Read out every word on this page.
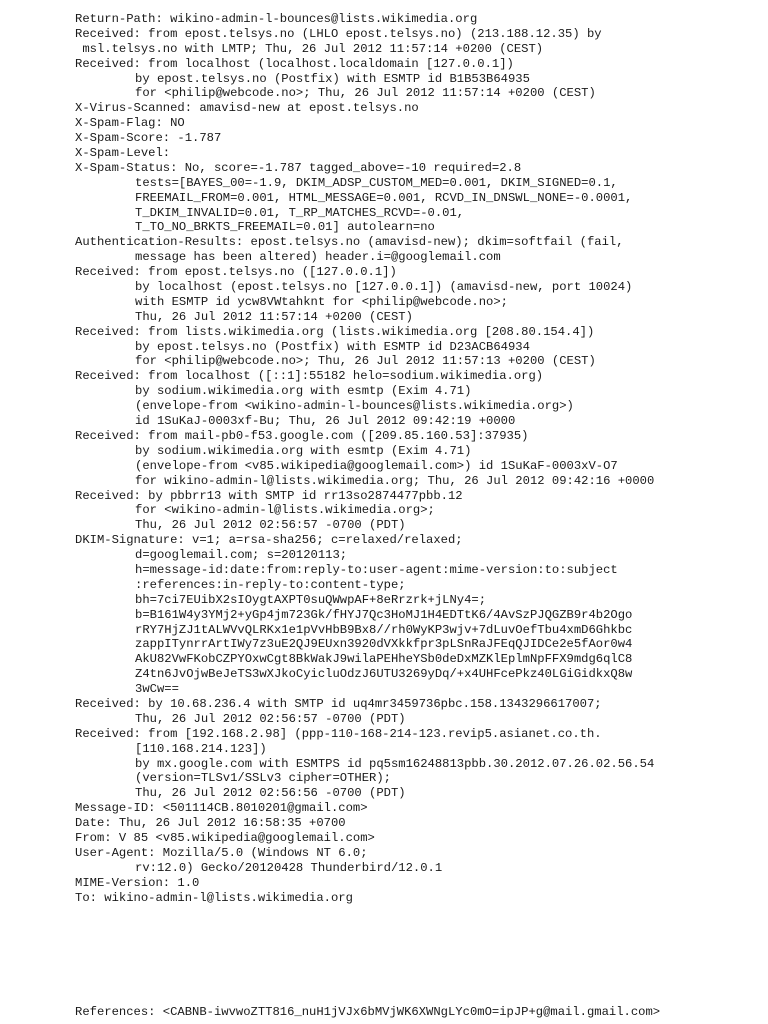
Return-Path: wikino-admin-l-bounces@lists.wikimedia.org
Received: from epost.telsys.no (LHLO epost.telsys.no) (213.188.12.35) by
msl.telsys.no with LMTP; Thu, 26 Jul 2012 11:57:14 +0200 (CEST)
Received: from localhost (localhost.localdomain [127.0.0.1])
by epost.telsys.no (Postfix) with ESMTP id B1B53B64935
for <philip@webcode.no>; Thu, 26 Jul 2012 11:57:14 +0200 (CEST)
X-Virus-Scanned: amavisd-new at epost.telsys.no
X-Spam-Flag: NO
X-Spam-Score: -1.787
X-Spam-Level:
X-Spam-Status: No, score=-1.787 tagged_above=-10 required=2.8
tests=[BAYES_00=-1.9, DKIM_ADSP_CUSTOM_MED=0.001, DKIM_SIGNED=0.1,
FREEMAIL_FROM=0.001, HTML_MESSAGE=0.001, RCVD_IN_DNSWL_NONE=-0.0001,
T_DKIM_INVALID=0.01, T_RP_MATCHES_RCVD=-0.01,
T_TO_NO_BRKTS_FREEMAIL=0.01] autolearn=no
Authentication-Results: epost.telsys.no (amavisd-new); dkim=softfail (fail,
message has been altered) header.i=@googlemail.com
Received: from epost.telsys.no ([127.0.0.1])
by localhost (epost.telsys.no [127.0.0.1]) (amavisd-new, port 10024)
with ESMTP id ycw8VWtahknt for <philip@webcode.no>;
Thu, 26 Jul 2012 11:57:14 +0200 (CEST)
Received: from lists.wikimedia.org (lists.wikimedia.org [208.80.154.4])
by epost.telsys.no (Postfix) with ESMTP id D23ACB64934
for <philip@webcode.no>; Thu, 26 Jul 2012 11:57:13 +0200 (CEST)
Received: from localhost ([::1]:55182 helo=sodium.wikimedia.org)
by sodium.wikimedia.org with esmtp (Exim 4.71)
(envelope-from <wikino-admin-l-bounces@lists.wikimedia.org>)
id 1SuKaJ-0003xf-Bu; Thu, 26 Jul 2012 09:42:19 +0000
Received: from mail-pb0-f53.google.com ([209.85.160.53]:37935)
by sodium.wikimedia.org with esmtp (Exim 4.71)
(envelope-from <v85.wikipedia@googlemail.com>) id 1SuKaF-0003xV-O7
for wikino-admin-l@lists.wikimedia.org; Thu, 26 Jul 2012 09:42:16 +0000
Received: by pbbrr13 with SMTP id rr13so2874477pbb.12
for <wikino-admin-l@lists.wikimedia.org>;
Thu, 26 Jul 2012 02:56:57 -0700 (PDT)
DKIM-Signature: v=1; a=rsa-sha256; c=relaxed/relaxed;
d=googlemail.com; s=20120113;
h=message-id:date:from:reply-to:user-agent:mime-version:to:subject
:references:in-reply-to:content-type;
bh=7ci7EUibX2sIOygtAXPT0suQWwpAF+8eRrzrk+jLNy4=;
b=B161W4y3YMj2+yGp4jm723Gk/fHYJ7Qc3HoMJ1H4EDTtK6/4AvSzPJQGZB9r4b2Ogo
rRY7HjZJ1tALWVvQLRKx1e1pVvHbB9Bx8//rh0WyKP3wjv+7dLuvOefTbu4xmD6Ghkbc
zappITynrrArtIWy7z3uE2QJ9EUxn3920dVXkkfpr3pLSnRaJFEqQJIDCe2e5fAor0w4
AkU82VwFKobCZPYOxwCgt8BkWakJ9wilaPEHheYSb0deDxMZKlEplmNpFFX9mdg6qlC8
Z4tn6JvOjwBeJeTS3wXJkoCyicluOdzJ6UTU3269yDq/+x4UHFcePkz40LGiGidkxQ8w
3wCw==
Received: by 10.68.236.4 with SMTP id uq4mr3459736pbc.158.1343296617007;
Thu, 26 Jul 2012 02:56:57 -0700 (PDT)
Received: from [192.168.2.98] (ppp-110-168-214-123.revip5.asianet.co.th.
[110.168.214.123])
by mx.google.com with ESMTPS id pq5sm16248813pbb.30.2012.07.26.02.56.54
(version=TLSv1/SSLv3 cipher=OTHER);
Thu, 26 Jul 2012 02:56:56 -0700 (PDT)
Message-ID: <501114CB.8010201@gmail.com>
Date: Thu, 26 Jul 2012 16:58:35 +0700
From: V 85 <v85.wikipedia@googlemail.com>
User-Agent: Mozilla/5.0 (Windows NT 6.0;
rv:12.0) Gecko/20120428 Thunderbird/12.0.1
MIME-Version: 1.0
To: wikino-admin-l@lists.wikimedia.org
References: <CABNB-iwvwoZTT816_nuH1jVJx6bMVjWK6XWNgLYc0mO=ipJP+g@mail.gmail.com>
